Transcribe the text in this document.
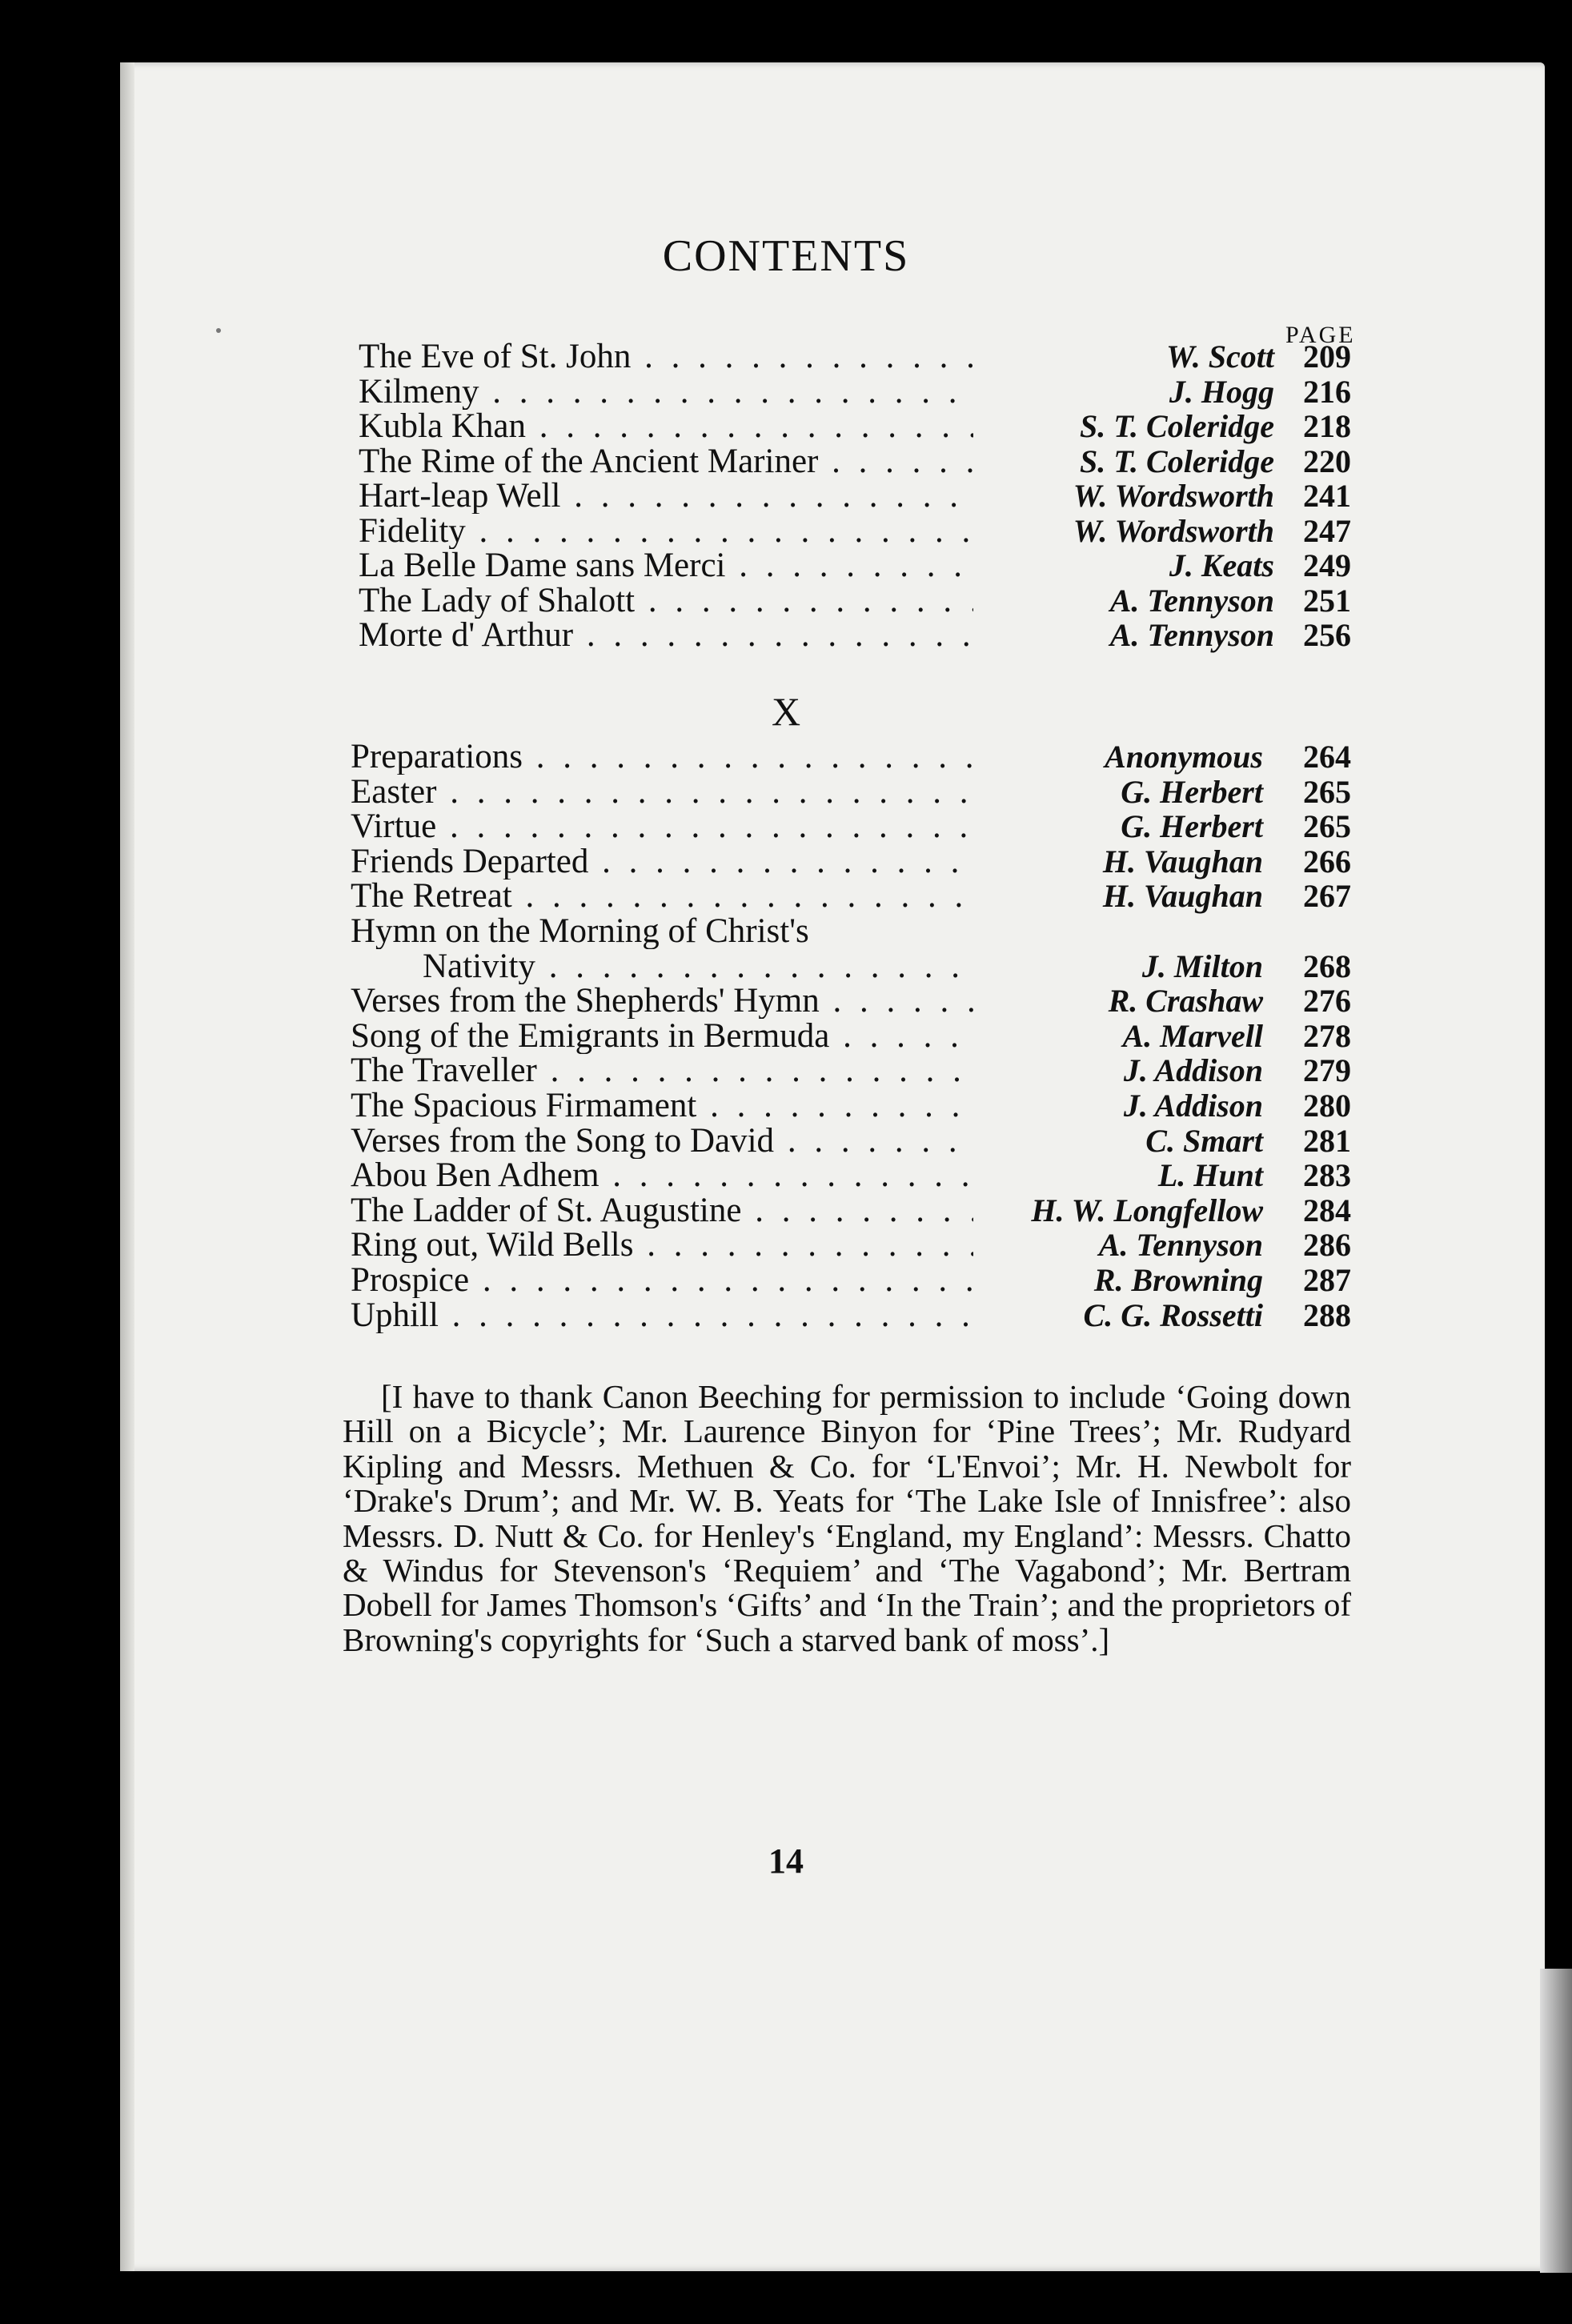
CONTENTS
PAGE
The Eve of St. John . . .	W. Scott 209
Kilmeny . . .	J. Hogg 216
Kubla Khan . . .	S. T. Coleridge 218
The Rime of the Ancient Mariner . . .	S. T. Coleridge 220
Hart-leap Well . . .	W. Wordsworth 241
Fidelity . . .	W. Wordsworth 247
La Belle Dame sans Merci . . .	J. Keats 249
The Lady of Shalott . . .	A. Tennyson 251
Morte d' Arthur . . .	A. Tennyson 256
X
Preparations . . .	Anonymous 264
Easter . . .	G. Herbert 265
Virtue . . .	G. Herbert 265
Friends Departed . . .	H. Vaughan 266
The Retreat . . .	H. Vaughan 267
Hymn on the Morning of Christ's
Nativity . . .	J. Milton 268
Verses from the Shepherds' Hymn . . .	R. Crashaw 276
Song of the Emigrants in Bermuda . . .	A. Marvell 278
The Traveller . . .	J. Addison 279
The Spacious Firmament . . .	J. Addison 280
Verses from the Song to David . . .	C. Smart 281
Abou Ben Adhem . . .	L. Hunt 283
The Ladder of St. Augustine . . .	H. W. Longfellow 284
Ring out, Wild Bells . . .	A. Tennyson 286
Prospice . . .	R. Browning 287
Uphill . . .	C. G. Rossetti 288

[I have to thank Canon Beeching for permission to include ‘Going down Hill on a Bicycle’; Mr. Laurence Binyon for ‘Pine Trees’; Mr. Rudyard Kipling and Messrs. Methuen & Co. for ‘L'Envoi’; Mr. H. Newbolt for ‘Drake's Drum’; and Mr. W. B. Yeats for ‘The Lake Isle of Innisfree’: also Messrs. D. Nutt & Co. for Henley's ‘England, my England’: Messrs. Chatto & Windus for Stevenson's ‘Requiem’ and ‘The Vagabond’; Mr. Bertram Dobell for James Thomson's ‘Gifts’ and ‘In the Train’; and the proprietors of Browning's copyrights for ‘Such a starved bank of moss’.]

14
